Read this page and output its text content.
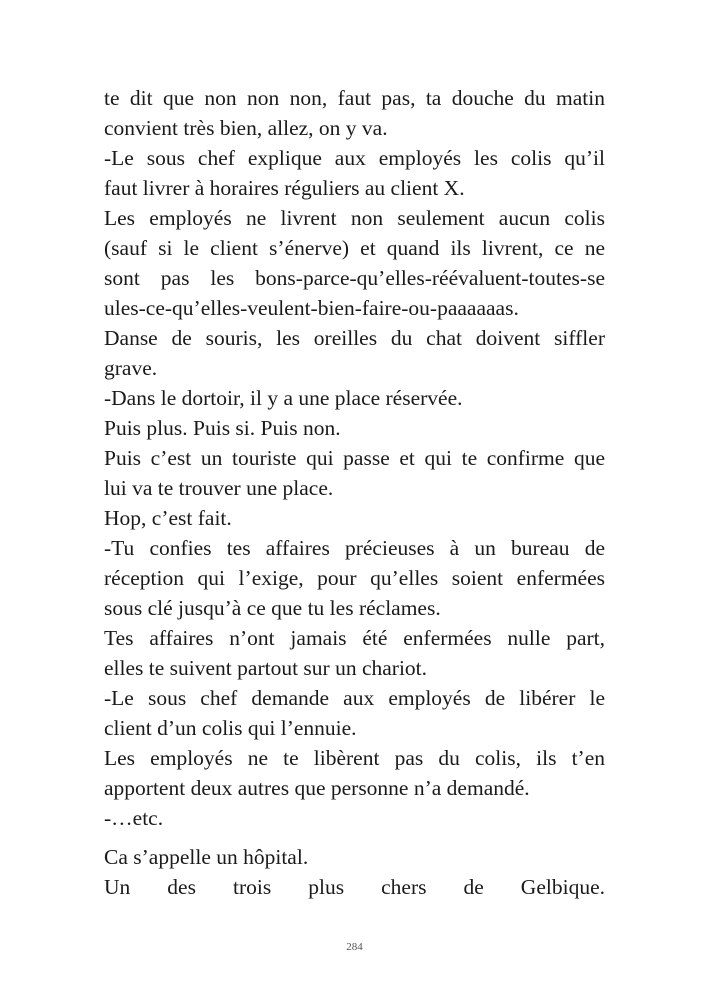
te dit que non non non, faut pas, ta douche du matin
convient très bien, allez, on y va.
-Le sous chef explique aux employés les colis qu’il
faut livrer à horaires réguliers au client X.
Les employés ne livrent non seulement aucun colis
(sauf si le client s’énerve) et quand ils livrent, ce ne
sont pas les bons-parce-qu’elles-réévaluent-toutes-se
ules-ce-qu’elles-veulent-bien-faire-ou-paaaaaas.
Danse de souris, les oreilles du chat doivent siffler
grave.
-Dans le dortoir, il y a une place réservée.
Puis plus. Puis si. Puis non.
Puis c’est un touriste qui passe et qui te confirme que
lui va te trouver une place.
Hop, c’est fait.
-Tu confies tes affaires précieuses à un bureau de
réception qui l’exige, pour qu’elles soient enfermées
sous clé jusqu’à ce que tu les réclames.
Tes affaires n’ont jamais été enfermées nulle part,
elles te suivent partout sur un chariot.
-Le sous chef demande aux employés de libérer le
client d’un colis qui l’ennuie.
Les employés ne te libèrent pas du colis, ils t’en
apportent deux autres que personne n’a demandé.
-…etc.
Ca s’appelle un hôpital.
Un des trois plus chers de Gelbique.
284
